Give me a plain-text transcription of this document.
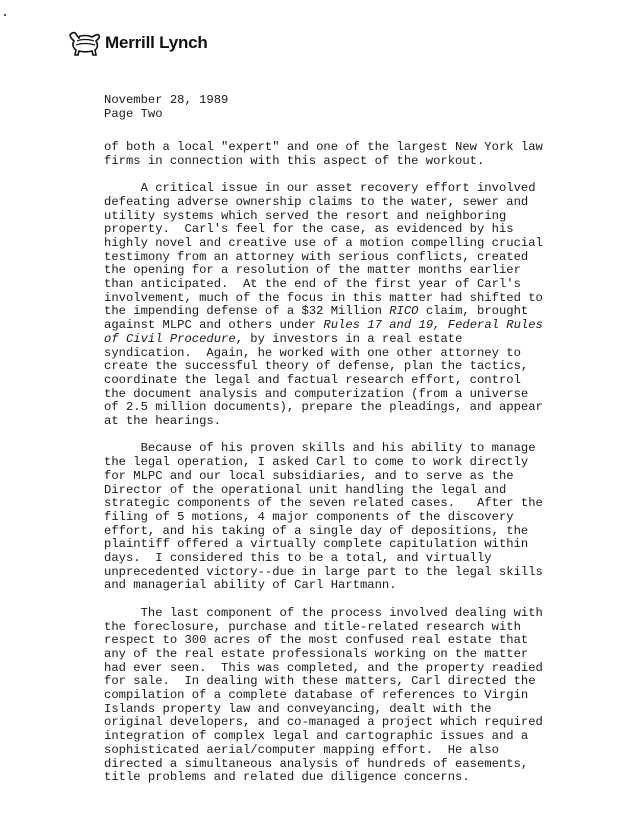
Merrill Lynch
November 28, 1989
Page Two
of both a local "expert" and one of the largest New York law
firms in connection with this aspect of the workout.
A critical issue in our asset recovery effort involved
defeating adverse ownership claims to the water, sewer and
utility systems which served the resort and neighboring
property.  Carl's feel for the case, as evidenced by his
highly novel and creative use of a motion compelling crucial
testimony from an attorney with serious conflicts, created
the opening for a resolution of the matter months earlier
than anticipated.  At the end of the first year of Carl's
involvement, much of the focus in this matter had shifted to
the impending defense of a $32 Million RICO claim, brought
against MLPC and others under Rules 17 and 19, Federal Rules
of Civil Procedure, by investors in a real estate
syndication.  Again, he worked with one other attorney to
create the successful theory of defense, plan the tactics,
coordinate the legal and factual research effort, control
the document analysis and computerization (from a universe
of 2.5 million documents), prepare the pleadings, and appear
at the hearings.
Because of his proven skills and his ability to manage
the legal operation, I asked Carl to come to work directly
for MLPC and our local subsidiaries, and to serve as the
Director of the operational unit handling the legal and
strategic components of the seven related cases.   After the
filing of 5 motions, 4 major components of the discovery
effort, and his taking of a single day of depositions, the
plaintiff offered a virtually complete capitulation within
days.  I considered this to be a total, and virtually
unprecedented victory--due in large part to the legal skills
and managerial ability of Carl Hartmann.
The last component of the process involved dealing with
the foreclosure, purchase and title-related research with
respect to 300 acres of the most confused real estate that
any of the real estate professionals working on the matter
had ever seen.  This was completed, and the property readied
for sale.  In dealing with these matters, Carl directed the
compilation of a complete database of references to Virgin
Islands property law and conveyancing, dealt with the
original developers, and co-managed a project which required
integration of complex legal and cartographic issues and a
sophisticated aerial/computer mapping effort.  He also
directed a simultaneous analysis of hundreds of easements,
title problems and related due diligence concerns.
